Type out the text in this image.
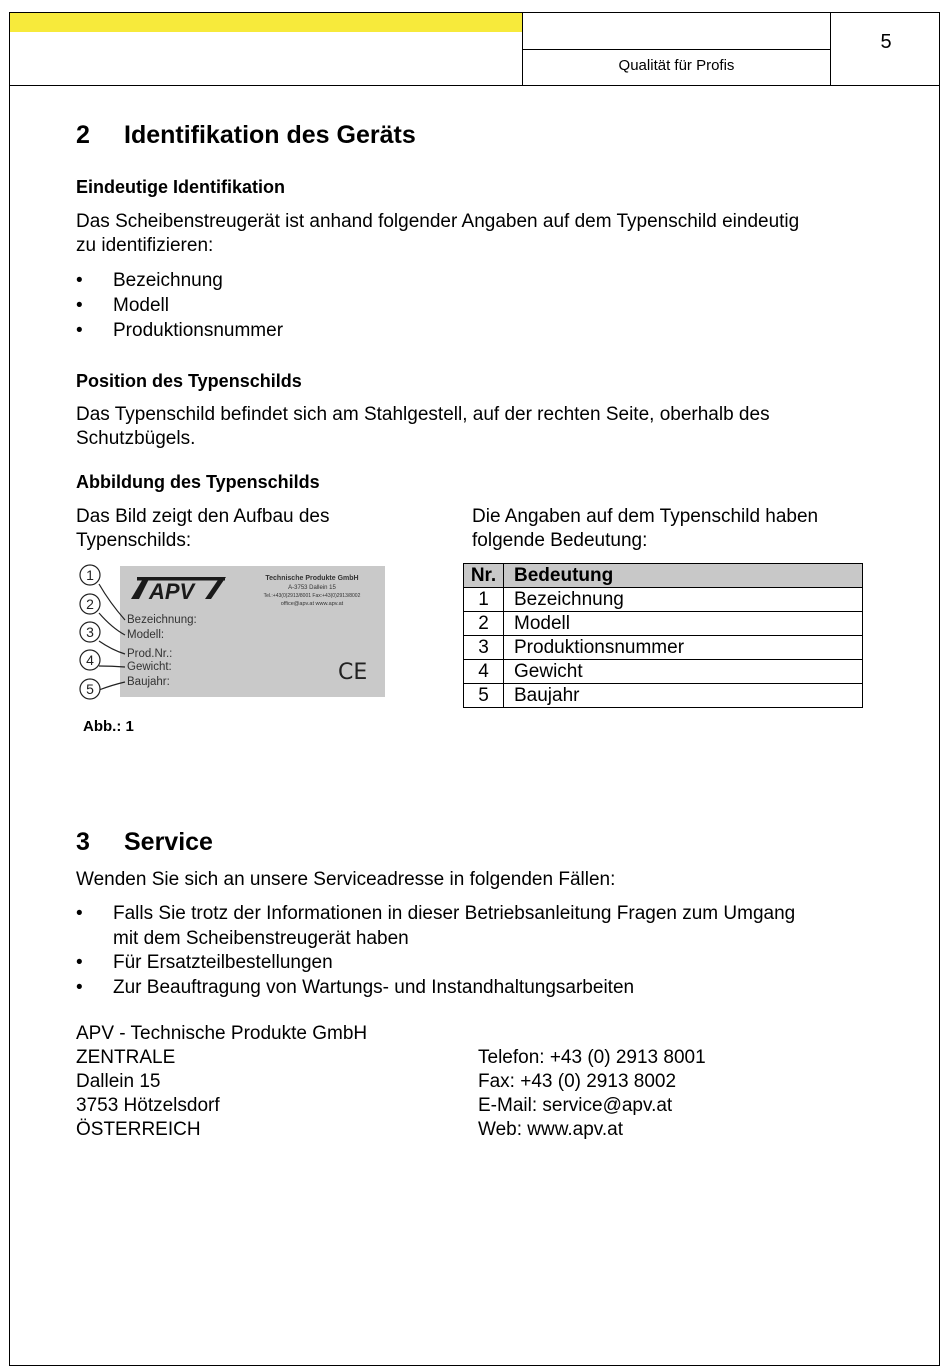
Qualität für Profis
5
2 Identifikation des Geräts
Eindeutige Identifikation
Das Scheibenstreugerät ist anhand folgender Angaben auf dem Typenschild eindeutig
zu identifizieren:
• Bezeichnung
• Modell
• Produktionsnummer
Position des Typenschilds
Das Typenschild befindet sich am Stahlgestell, auf der rechten Seite, oberhalb des
Schutzbügels.
Abbildung des Typenschilds
Das Bild zeigt den Aufbau des
Typenschilds:
Die Angaben auf dem Typenschild haben
folgende Bedeutung:
APV
Technische Produkte GmbH
A-3753 Dallein 15
Tel.:+43(0)2913/8001 Fax:+43(0)2913/8002
office@apv.at www.apv.at
Bezeichnung:
Modell:
Prod.Nr.:
Gewicht:
Baujahr:	CE
1
2
3
4
5
Abb.: 1
Nr.	Bedeutung
1	Bezeichnung
2	Modell
3	Produktionsnummer
4	Gewicht
5	Baujahr
3 Service
Wenden Sie sich an unsere Serviceadresse in folgenden Fällen:
• Falls Sie trotz der Informationen in dieser Betriebsanleitung Fragen zum Umgang
mit dem Scheibenstreugerät haben
• Für Ersatzteilbestellungen
• Zur Beauftragung von Wartungs- und Instandhaltungsarbeiten
APV - Technische Produkte GmbH
ZENTRALE
Dallein 15
3753 Hötzelsdorf
ÖSTERREICH
Telefon: +43 (0) 2913 8001
Fax: +43 (0) 2913 8002
E-Mail: service@apv.at
Web: www.apv.at
